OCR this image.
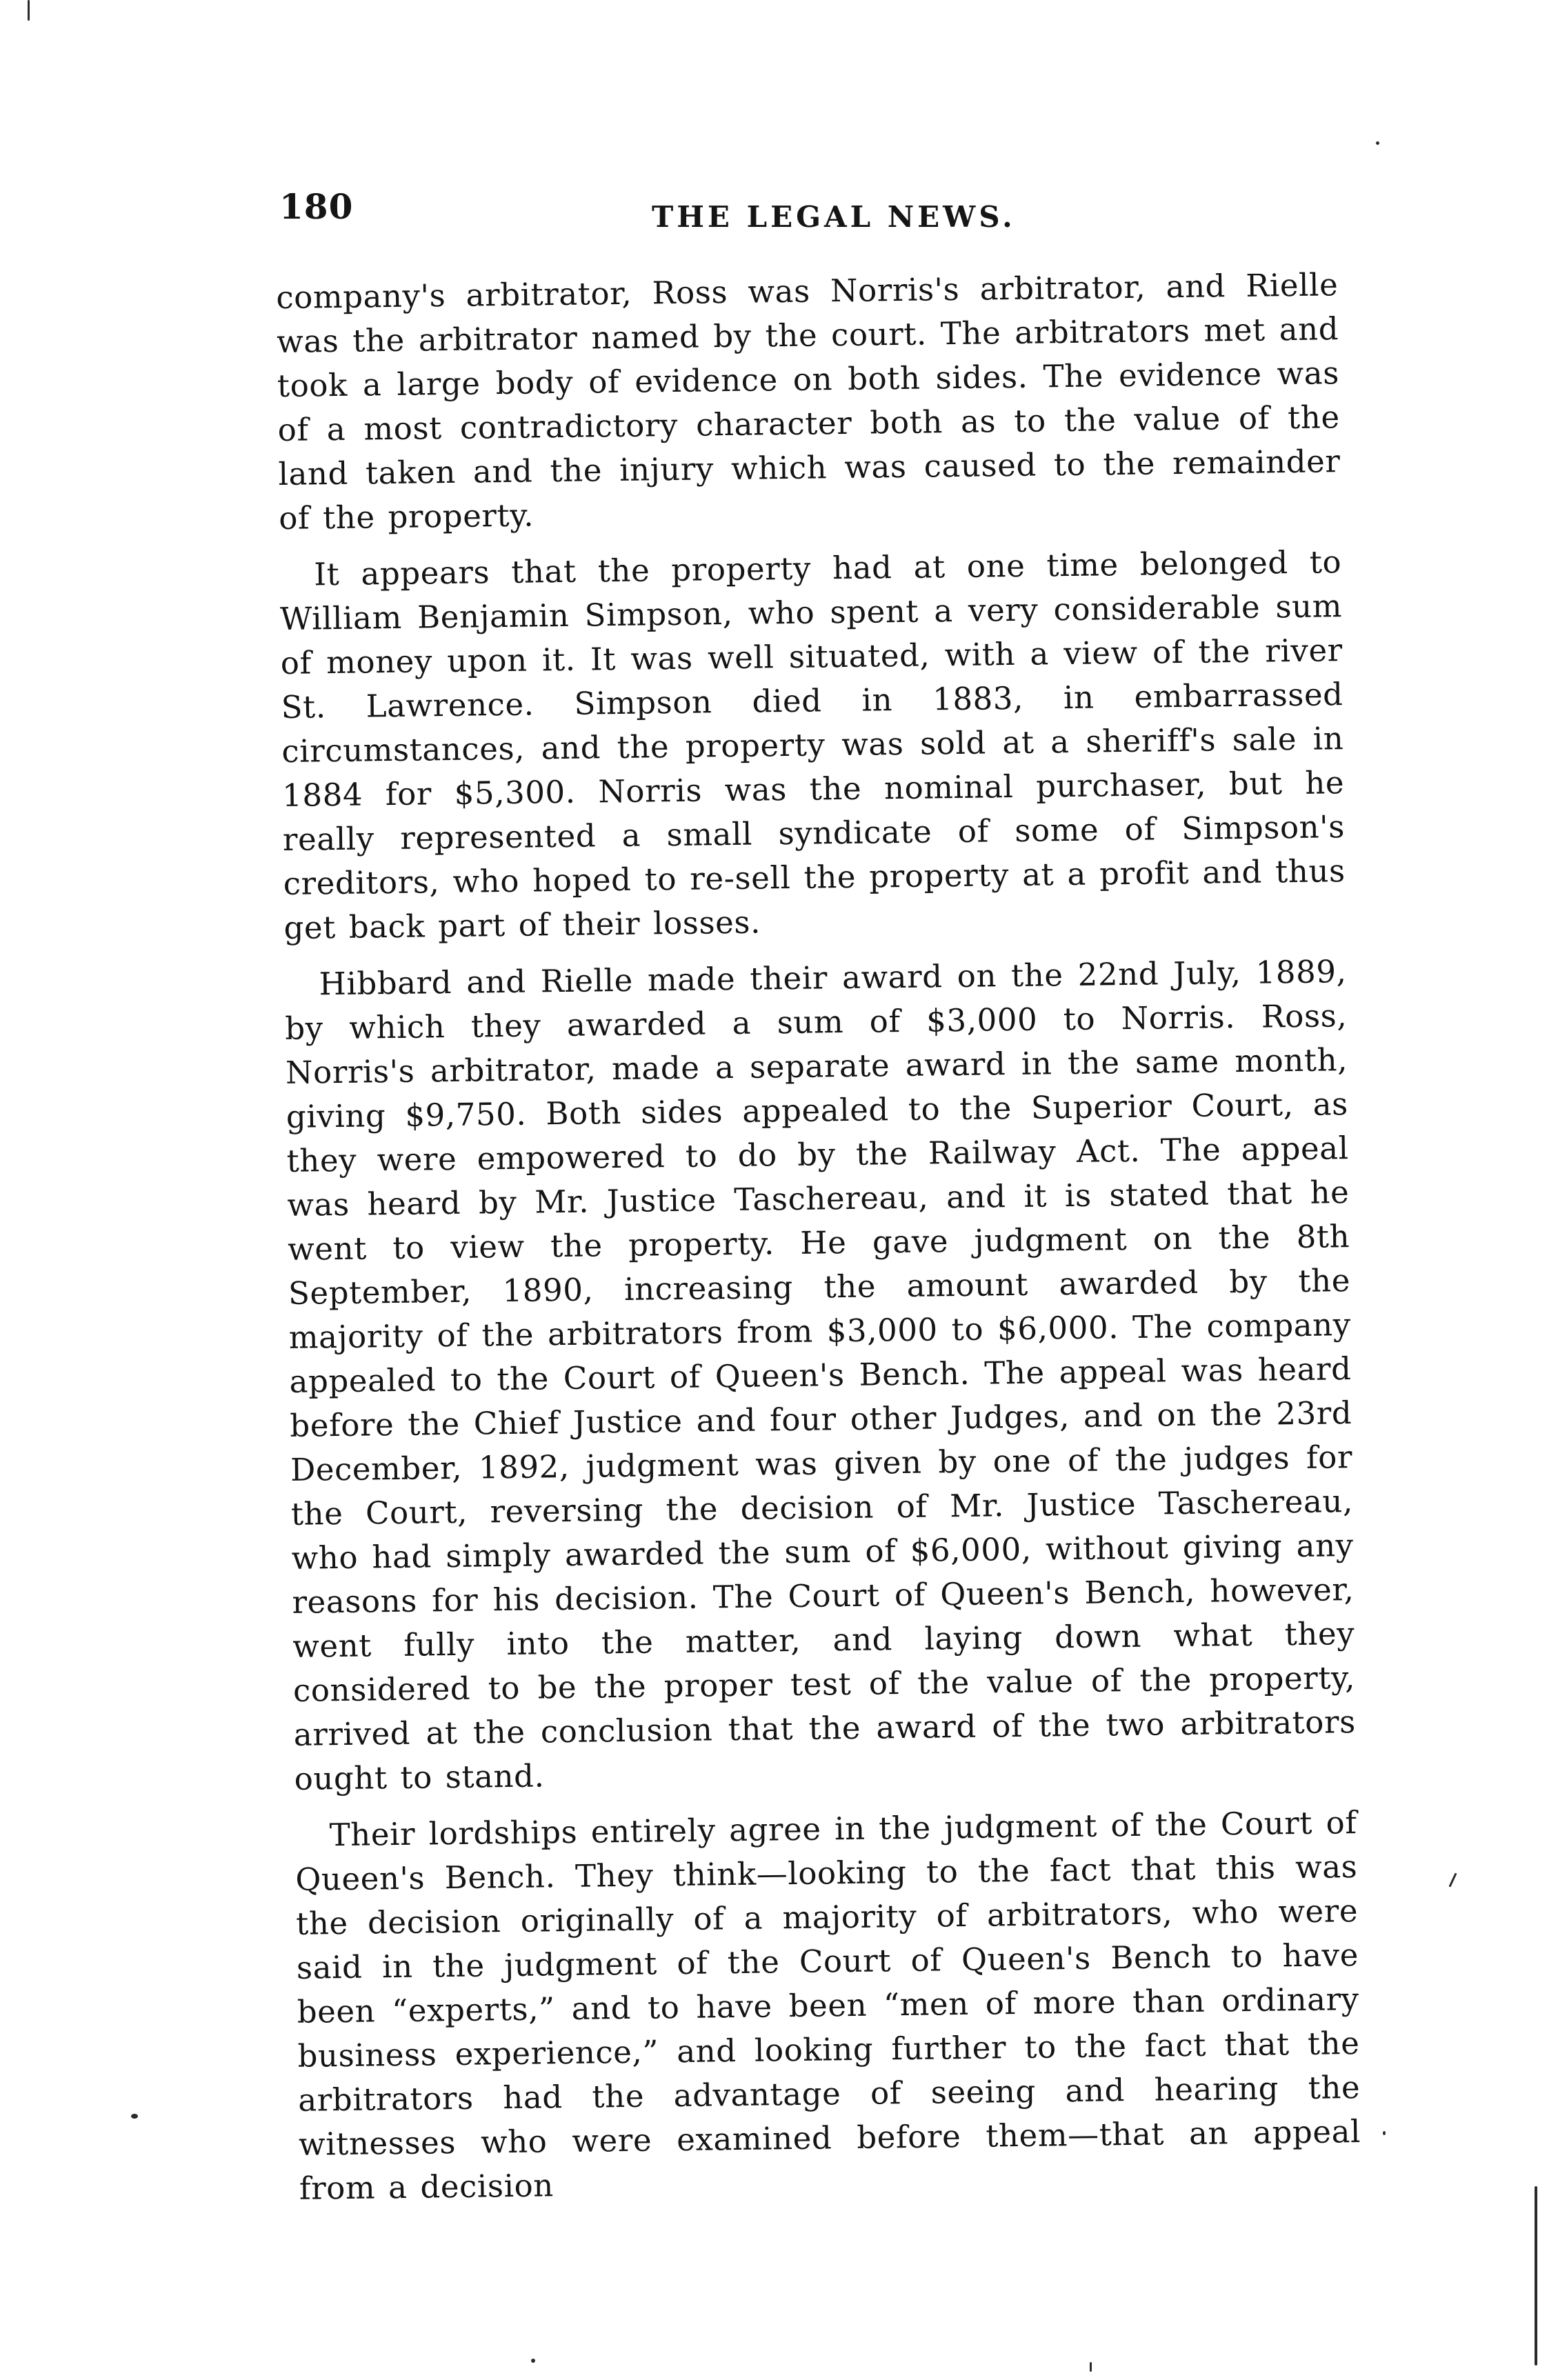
180	THE LEGAL NEWS.

company's arbitrator, Ross was Norris's arbitrator, and Rielle was the arbitrator named by the court. The arbitrators met and took a large body of evidence on both sides. The evidence was of a most contradictory character both as to the value of the land taken and the injury which was caused to the remainder of the property.

It appears that the property had at one time belonged to William Benjamin Simpson, who spent a very considerable sum of money upon it. It was well situated, with a view of the river St. Lawrence. Simpson died in 1883, in embarrassed circumstances, and the property was sold at a sheriff's sale in 1884 for $5,300. Norris was the nominal purchaser, but he really represented a small syndicate of some of Simpson's creditors, who hoped to re-sell the property at a profit and thus get back part of their losses.

Hibbard and Rielle made their award on the 22nd July, 1889, by which they awarded a sum of $3,000 to Norris. Ross, Norris's arbitrator, made a separate award in the same month, giving $9,750. Both sides appealed to the Superior Court, as they were empowered to do by the Railway Act. The appeal was heard by Mr. Justice Taschereau, and it is stated that he went to view the property. He gave judgment on the 8th September, 1890, increasing the amount awarded by the majority of the arbitrators from $3,000 to $6,000. The company appealed to the Court of Queen's Bench. The appeal was heard before the Chief Justice and four other Judges, and on the 23rd December, 1892, judgment was given by one of the judges for the Court, reversing the decision of Mr. Justice Taschereau, who had simply awarded the sum of $6,000, without giving any reasons for his decision. The Court of Queen's Bench, however, went fully into the matter, and laying down what they considered to be the proper test of the value of the property, arrived at the conclusion that the award of the two arbitrators ought to stand.

Their lordships entirely agree in the judgment of the Court of Queen's Bench. They think—looking to the fact that this was the decision originally of a majority of arbitrators, who were said in the judgment of the Court of Queen's Bench to have been “experts,” and to have been “men of more than ordinary business experience,” and looking further to the fact that the arbitrators had the advantage of seeing and hearing the witnesses who were examined before them—that an appeal from a decision
